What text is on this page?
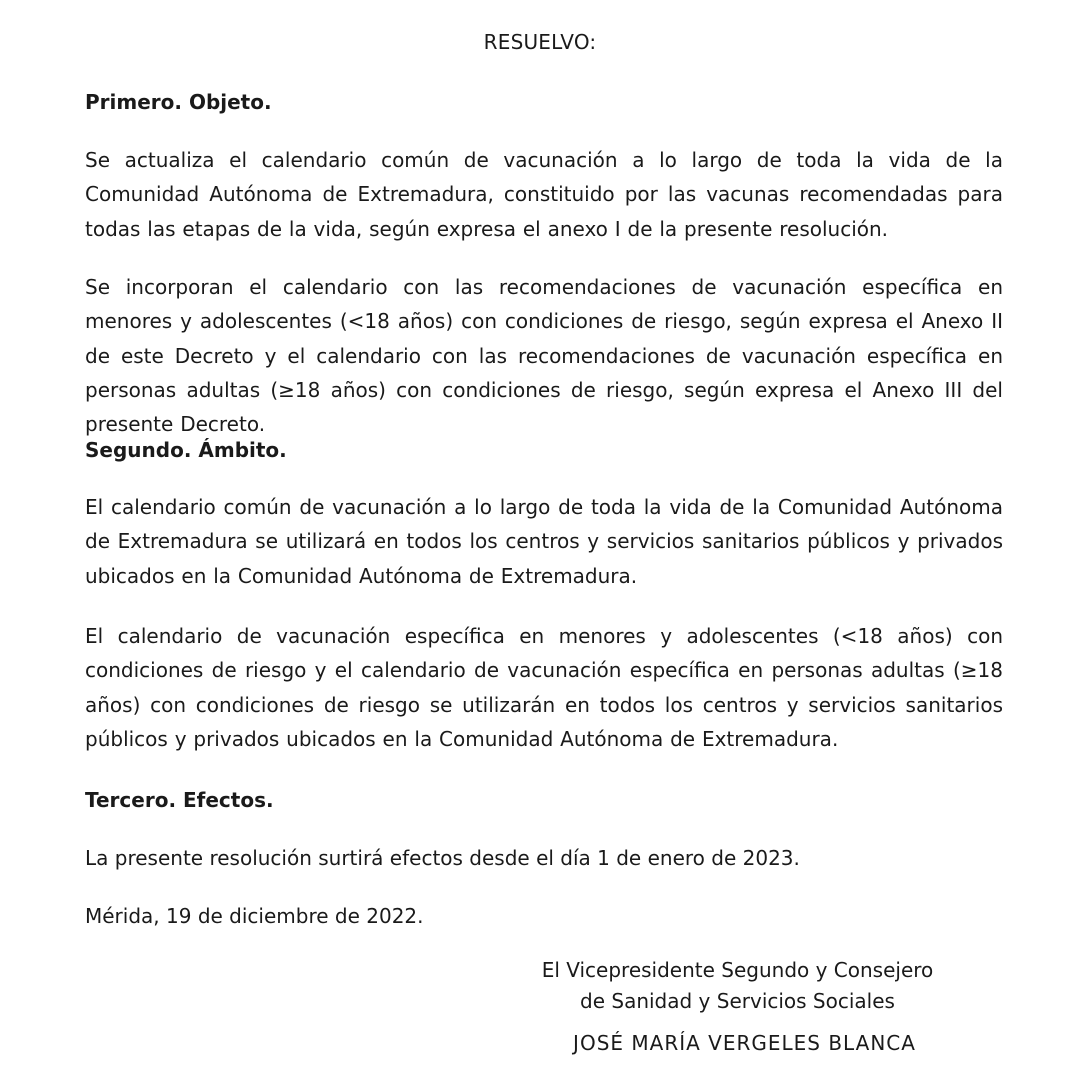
RESUELVO:
Primero. Objeto.

Se actualiza el calendario común de vacunación a lo largo de toda la vida de la Comunidad Autónoma de Extremadura, constituido por las vacunas recomendadas para todas las etapas de la vida, según expresa el anexo I de la presente resolución.

Se incorporan el calendario con las recomendaciones de vacunación específica en menores y adolescentes (<18 años) con condiciones de riesgo, según expresa el Anexo II de este Decreto y el calendario con las recomendaciones de vacunación específica en personas adultas (≥18 años) con condiciones de riesgo, según expresa el Anexo III del presente Decreto.

Segundo. Ámbito.

El calendario común de vacunación a lo largo de toda la vida de la Comunidad Autónoma de Extremadura se utilizará en todos los centros y servicios sanitarios públicos y privados ubicados en la Comunidad Autónoma de Extremadura.

El calendario de vacunación específica en menores y adolescentes (<18 años) con condiciones de riesgo y el calendario de vacunación específica en personas adultas (≥18 años) con condiciones de riesgo se utilizarán en todos los centros y servicios sanitarios públicos y privados ubicados en la Comunidad Autónoma de Extremadura.

Tercero. Efectos.

La presente resolución surtirá efectos desde el día 1 de enero de 2023.

Mérida, 19 de diciembre de 2022.

El Vicepresidente Segundo y Consejero
de Sanidad y Servicios Sociales
JOSÉ MARÍA VERGELES BLANCA
